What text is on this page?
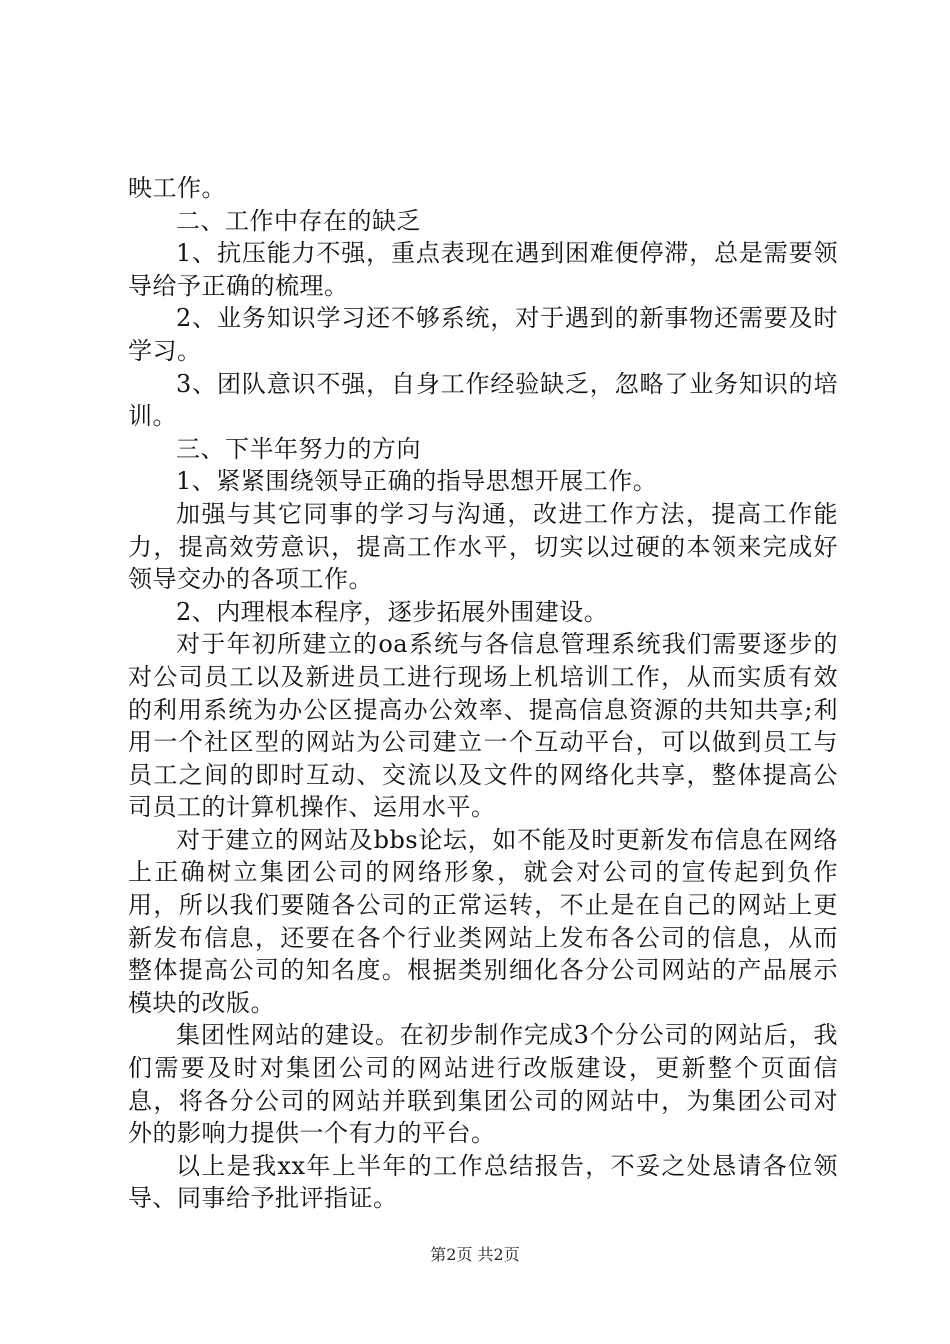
映工作。

二、工作中存在的缺乏

1、抗压能力不强，重点表现在遇到困难便停滞，总是需要领导给予正确的梳理。

2、业务知识学习还不够系统，对于遇到的新事物还需要及时学习。

3、团队意识不强，自身工作经验缺乏，忽略了业务知识的培训。

三、下半年努力的方向

1、紧紧围绕领导正确的指导思想开展工作。

加强与其它同事的学习与沟通，改进工作方法，提高工作能力，提高效劳意识，提高工作水平，切实以过硬的本领来完成好领导交办的各项工作。

2、内理根本程序，逐步拓展外围建设。

对于年初所建立的oa系统与各信息管理系统我们需要逐步的对公司员工以及新进员工进行现场上机培训工作，从而实质有效的利用系统为办公区提高办公效率、提高信息资源的共知共享;利用一个社区型的网站为公司建立一个互动平台，可以做到员工与员工之间的即时互动、交流以及文件的网络化共享，整体提高公司员工的计算机操作、运用水平。

对于建立的网站及bbs论坛，如不能及时更新发布信息在网络上正确树立集团公司的网络形象，就会对公司的宣传起到负作用，所以我们要随各公司的正常运转，不止是在自己的网站上更新发布信息，还要在各个行业类网站上发布各公司的信息，从而整体提高公司的知名度。根据类别细化各分公司网站的产品展示模块的改版。

集团性网站的建设。在初步制作完成3个分公司的网站后，我们需要及时对集团公司的网站进行改版建设，更新整个页面信息，将各分公司的网站并联到集团公司的网站中，为集团公司对外的影响力提供一个有力的平台。

以上是我xx年上半年的工作总结报告，不妥之处恳请各位领导、同事给予批评指证。

第2页 共2页
